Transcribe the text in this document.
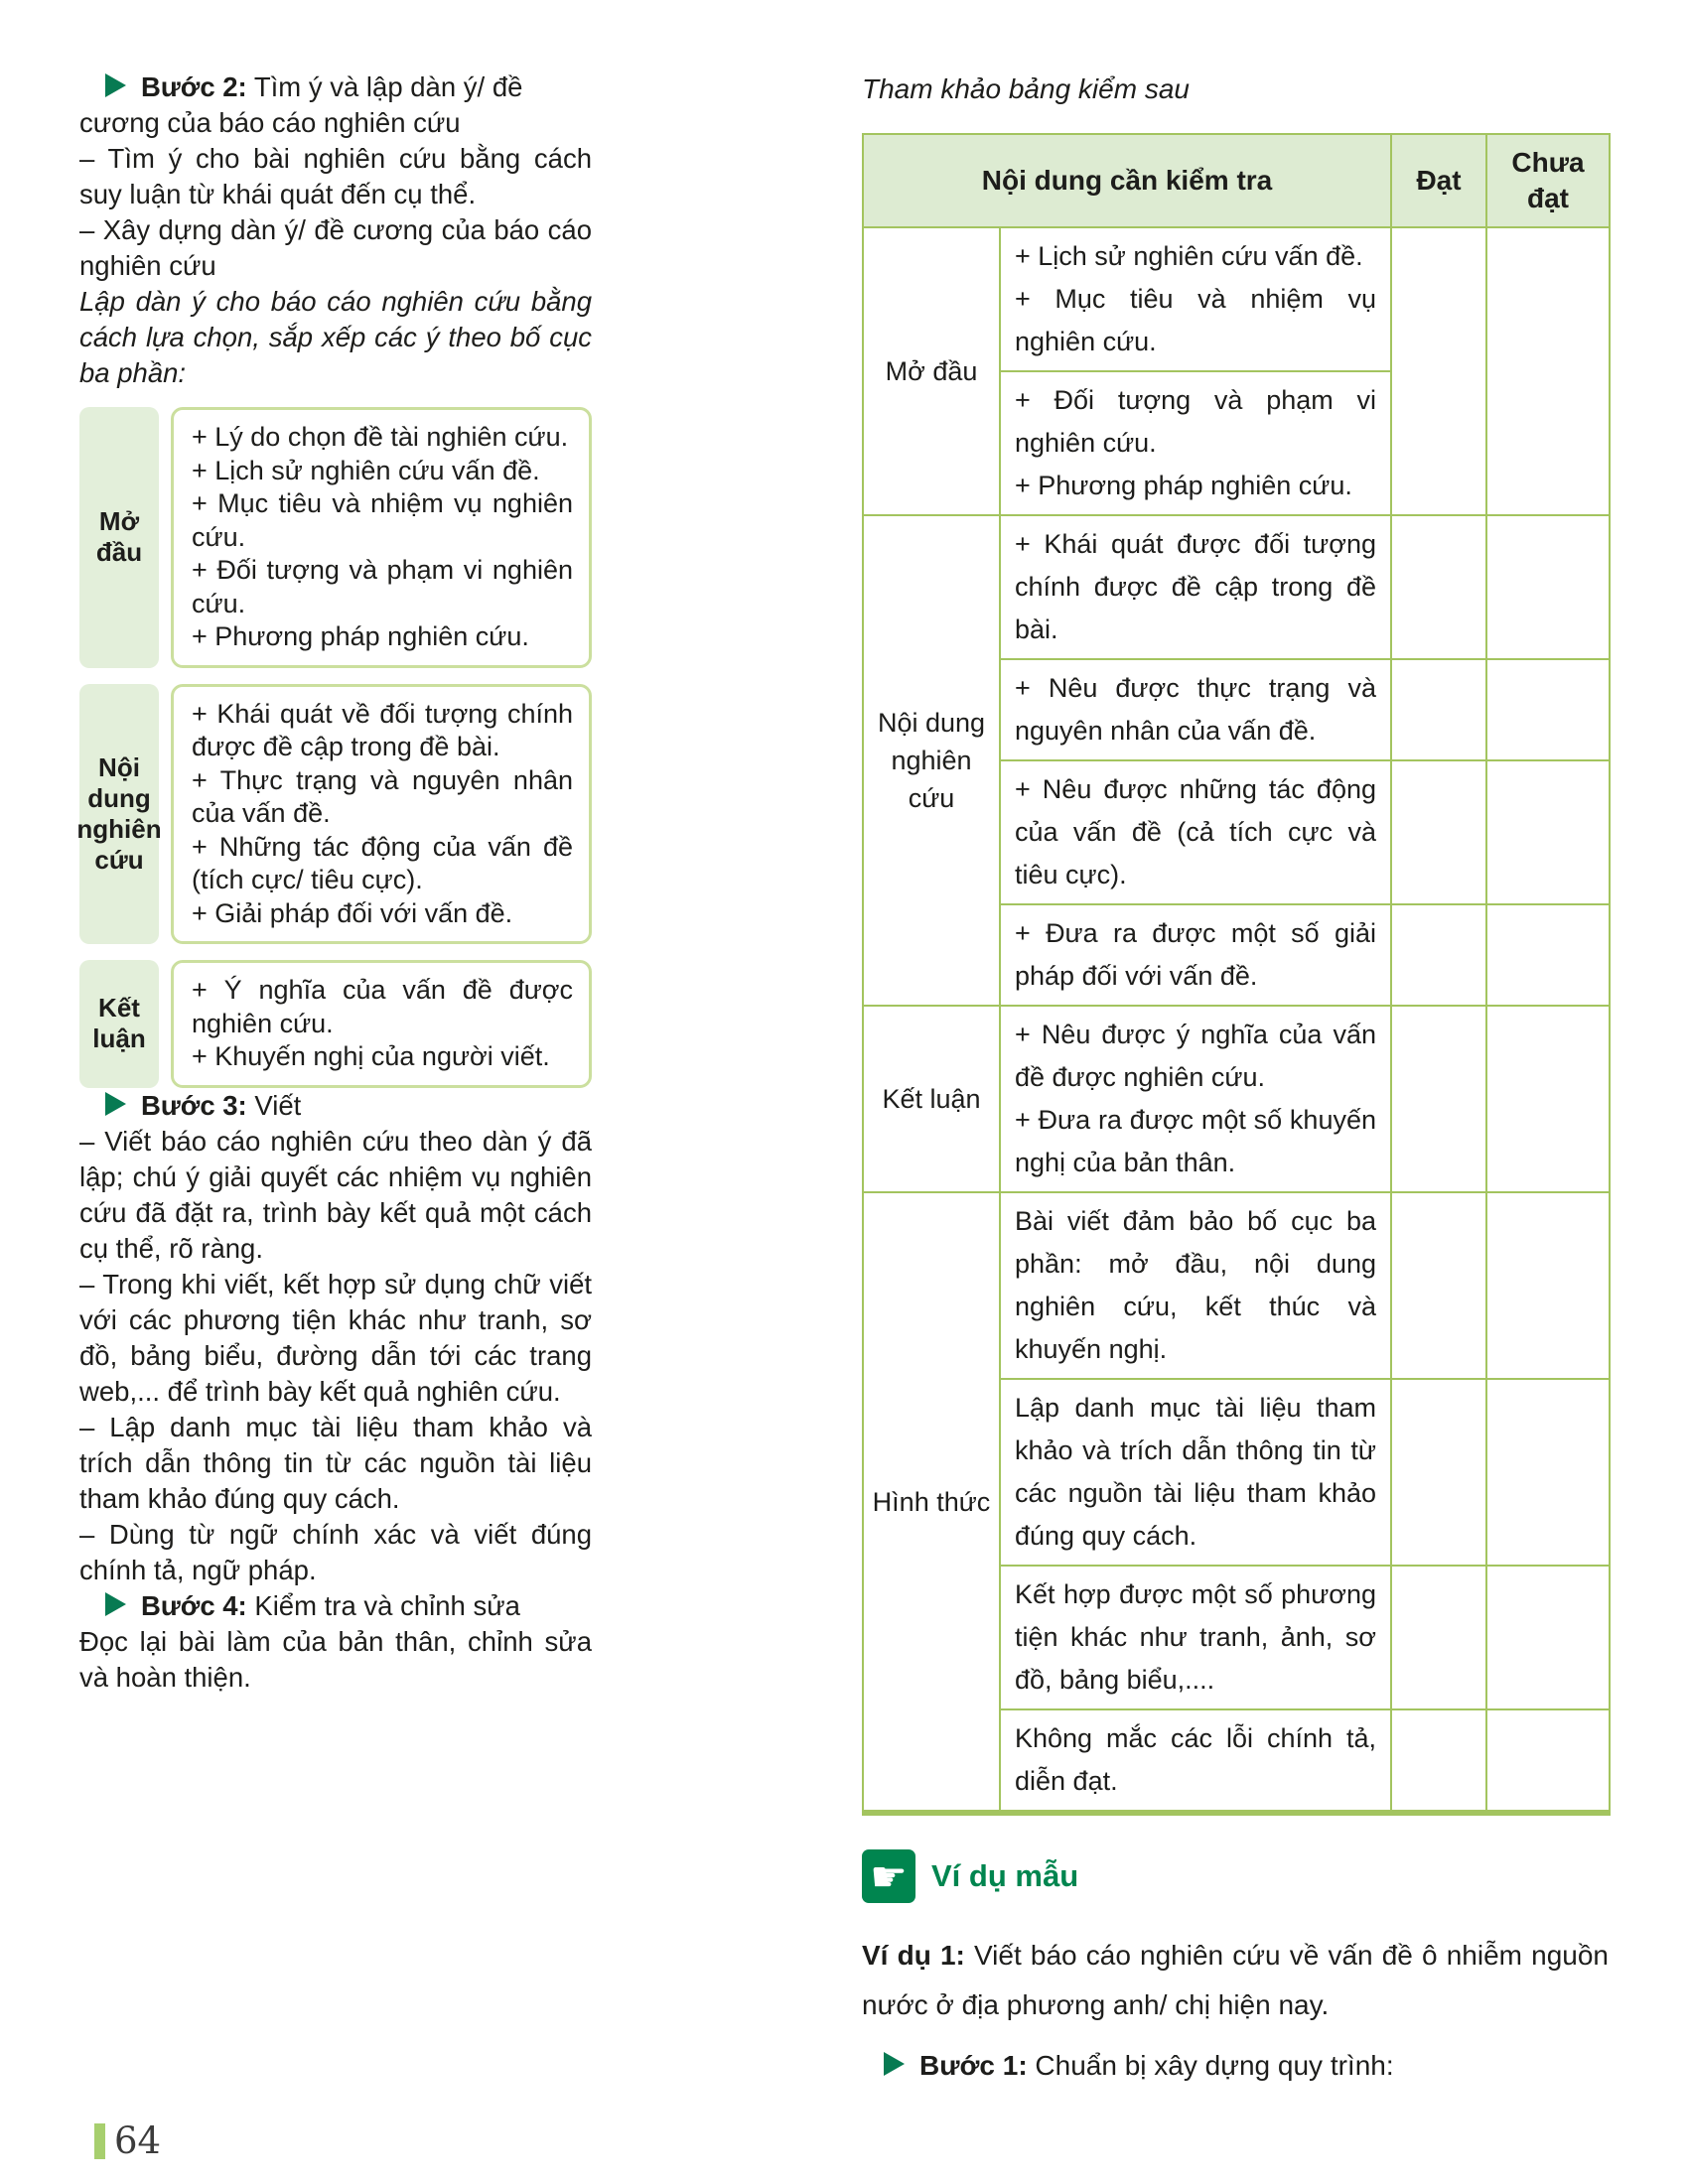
Bước 2: Tìm ý và lập dàn ý/ đề cương của báo cáo nghiên cứu

– Tìm ý cho bài nghiên cứu bằng cách suy luận từ khái quát đến cụ thể.

– Xây dựng dàn ý/ đề cương của báo cáo nghiên cứu

Lập dàn ý cho báo cáo nghiên cứu bằng cách lựa chọn, sắp xếp các ý theo bố cục ba phần:

Mở đầu
+ Lý do chọn đề tài nghiên cứu.
+ Lịch sử nghiên cứu vấn đề.
+ Mục tiêu và nhiệm vụ nghiên cứu.
+ Đối tượng và phạm vi nghiên cứu.
+ Phương pháp nghiên cứu.
Nội dung nghiên cứu
+ Khái quát về đối tượng chính được đề cập trong đề bài.
+ Thực trạng và nguyên nhân của vấn đề.
+ Những tác động của vấn đề (tích cực/ tiêu cực).
+ Giải pháp đối với vấn đề.
Kết luận
+ Ý nghĩa của vấn đề được nghiên cứu.
+ Khuyến nghị của người viết.

Bước 3: Viết

– Viết báo cáo nghiên cứu theo dàn ý đã lập; chú ý giải quyết các nhiệm vụ nghiên cứu đã đặt ra, trình bày kết quả một cách cụ thể, rõ ràng.

– Trong khi viết, kết hợp sử dụng chữ viết với các phương tiện khác như tranh, sơ đồ, bảng biểu, đường dẫn tới các trang web,... để trình bày kết quả nghiên cứu.

– Lập danh mục tài liệu tham khảo và trích dẫn thông tin từ các nguồn tài liệu tham khảo đúng quy cách.

– Dùng từ ngữ chính xác và viết đúng chính tả, ngữ pháp.

Bước 4: Kiểm tra và chỉnh sửa

Đọc lại bài làm của bản thân, chỉnh sửa và hoàn thiện.

Tham khảo bảng kiểm sau

Nội dung cần kiểm tra		Đạt	Chưa đạt
Mở đầu	+ Lịch sử nghiên cứu vấn đề.
+ Mục tiêu và nhiệm vụ nghiên cứu.		

	+ Đối tượng và phạm vi nghiên cứu.
+ Phương pháp nghiên cứu.		

Nội dung nghiên cứu	+ Khái quát được đối tượng chính được đề cập trong đề bài.		

	+ Nêu được thực trạng và nguyên nhân của vấn đề.		

	+ Nêu được những tác động của vấn đề (cả tích cực và tiêu cực).		

	+ Đưa ra được một số giải pháp đối với vấn đề.		

Kết luận	+ Nêu được ý nghĩa của vấn đề được nghiên cứu.
+ Đưa ra được một số khuyến nghị của bản thân.		

Hình thức	Bài viết đảm bảo bố cục ba phần: mở đầu, nội dung nghiên cứu, kết thúc và khuyến nghị.		

	Lập danh mục tài liệu tham khảo và trích dẫn thông tin từ các nguồn tài liệu tham khảo đúng quy cách.		

	Kết hợp được một số phương tiện khác như tranh, ảnh, sơ đồ, bảng biểu,....		

	Không mắc các lỗi chính tả, diễn đạt.		

☛ Ví dụ mẫu

Ví dụ 1: Viết báo cáo nghiên cứu về vấn đề ô nhiễm nguồn nước ở địa phương anh/ chị hiện nay.

Bước 1: Chuẩn bị xây dựng quy trình:

64
